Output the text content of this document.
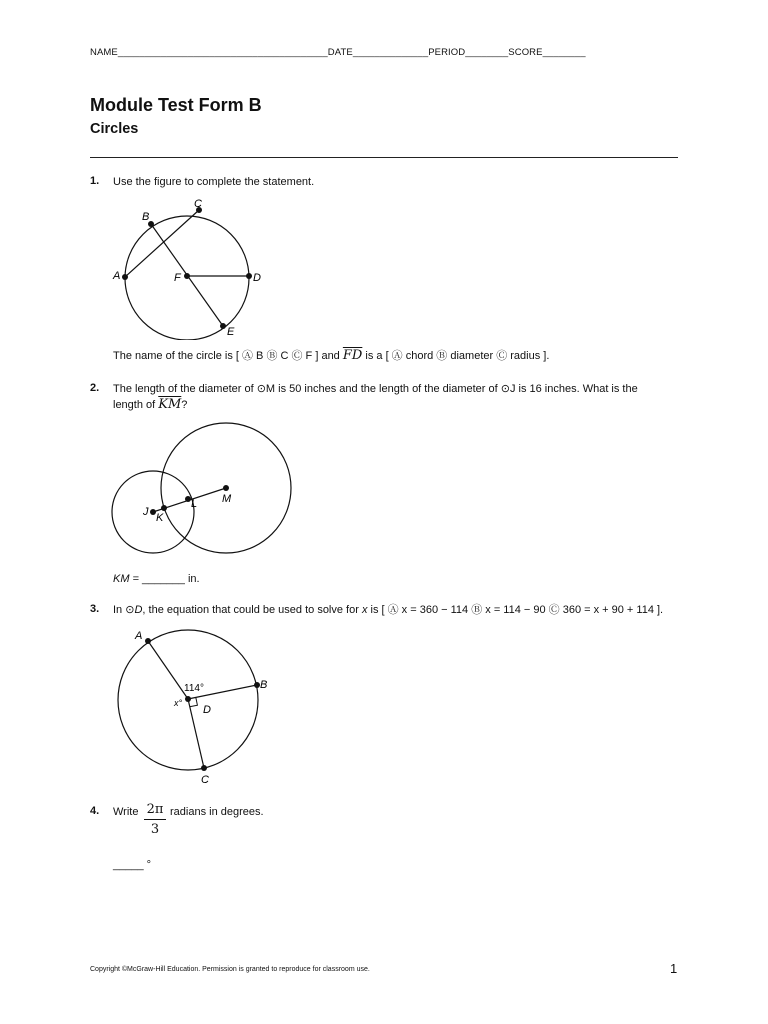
NAME_______________________________________DATE______________PERIOD________SCORE________
Module Test Form B
Circles
1. Use the figure to complete the statement.
A
B
C
D
E
F
The name of the circle is [ Ⓐ B Ⓑ C Ⓒ F ] and $\overline{FD}$ is a [ Ⓐ chord Ⓑ diameter Ⓒ radius ].
2. The length of the diameter of ⊙M is 50 inches and the length of the diameter of ⊙J is 16 inches. What is the
length of $\overline{KM}$?
J K
L M
KM = _______ in.
3. In ⊙D, the equation that could be used to solve for x is [ Ⓐ x = 360 − 114 Ⓑ x = 114 − 90 Ⓒ 360 = x + 90 + 114 ].
A
B
C
D
114°
x°
4. Write $\frac{2\pi}{3}$ radians in degrees.
_____ °
Copyright ©McGraw-Hill Education. Permission is granted to reproduce for classroom use.	1
